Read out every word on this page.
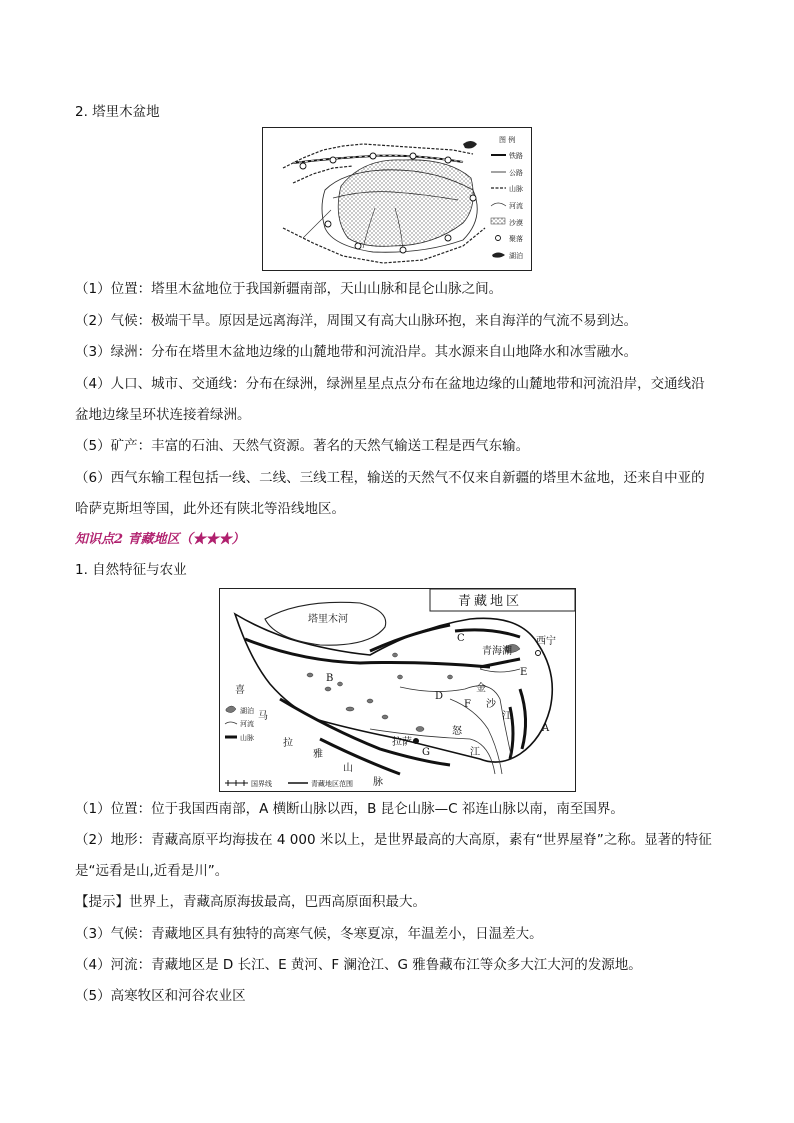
2. 塔里木盆地
图 例
铁路
公路
山脉
河流
沙漠
聚落
湖泊
（1）位置：塔里木盆地位于我国新疆南部，天山山脉和昆仑山脉之间。
（2）气候：极端干旱。原因是远离海洋，周围又有高大山脉环抱，来自海洋的气流不易到达。
（3）绿洲：分布在塔里木盆地边缘的山麓地带和河流沿岸。其水源来自山地降水和冰雪融水。
（4）人口、城市、交通线：分布在绿洲，绿洲星星点点分布在盆地边缘的山麓地带和河流沿岸，交通线沿
盆地边缘呈环状连接着绿洲。
（5）矿产：丰富的石油、天然气资源。著名的天然气输送工程是西气东输。
（6）西气东输工程包括一线、二线、三线工程，输送的天然气不仅来自新疆的塔里木盆地，还来自中亚的
哈萨克斯坦等国，此外还有陕北等沿线地区。
知识点2 青藏地区（★★★）
1. 自然特征与农业
青藏地区
塔里木河
青海湖
西宁
拉萨
A
B
C
D
E
F
G
喜
马
拉
雅
山
脉
怒
江
金
沙
江
湖泊
河流
山脉
国界线	青藏地区范围
（1）位置：位于我国西南部，A 横断山脉以西，B 昆仑山脉—C 祁连山脉以南，南至国界。
（2）地形：青藏高原平均海拔在 4 000 米以上，是世界最高的大高原，素有“世界屋脊”之称。显著的特征
是“远看是山,近看是川”。
【提示】世界上，青藏高原海拔最高，巴西高原面积最大。
（3）气候：青藏地区具有独特的高寒气候，冬寒夏凉，年温差小，日温差大。
（4）河流：青藏地区是 D 长江、E 黄河、F 澜沧江、G 雅鲁藏布江等众多大江大河的发源地。
（5）高寒牧区和河谷农业区
